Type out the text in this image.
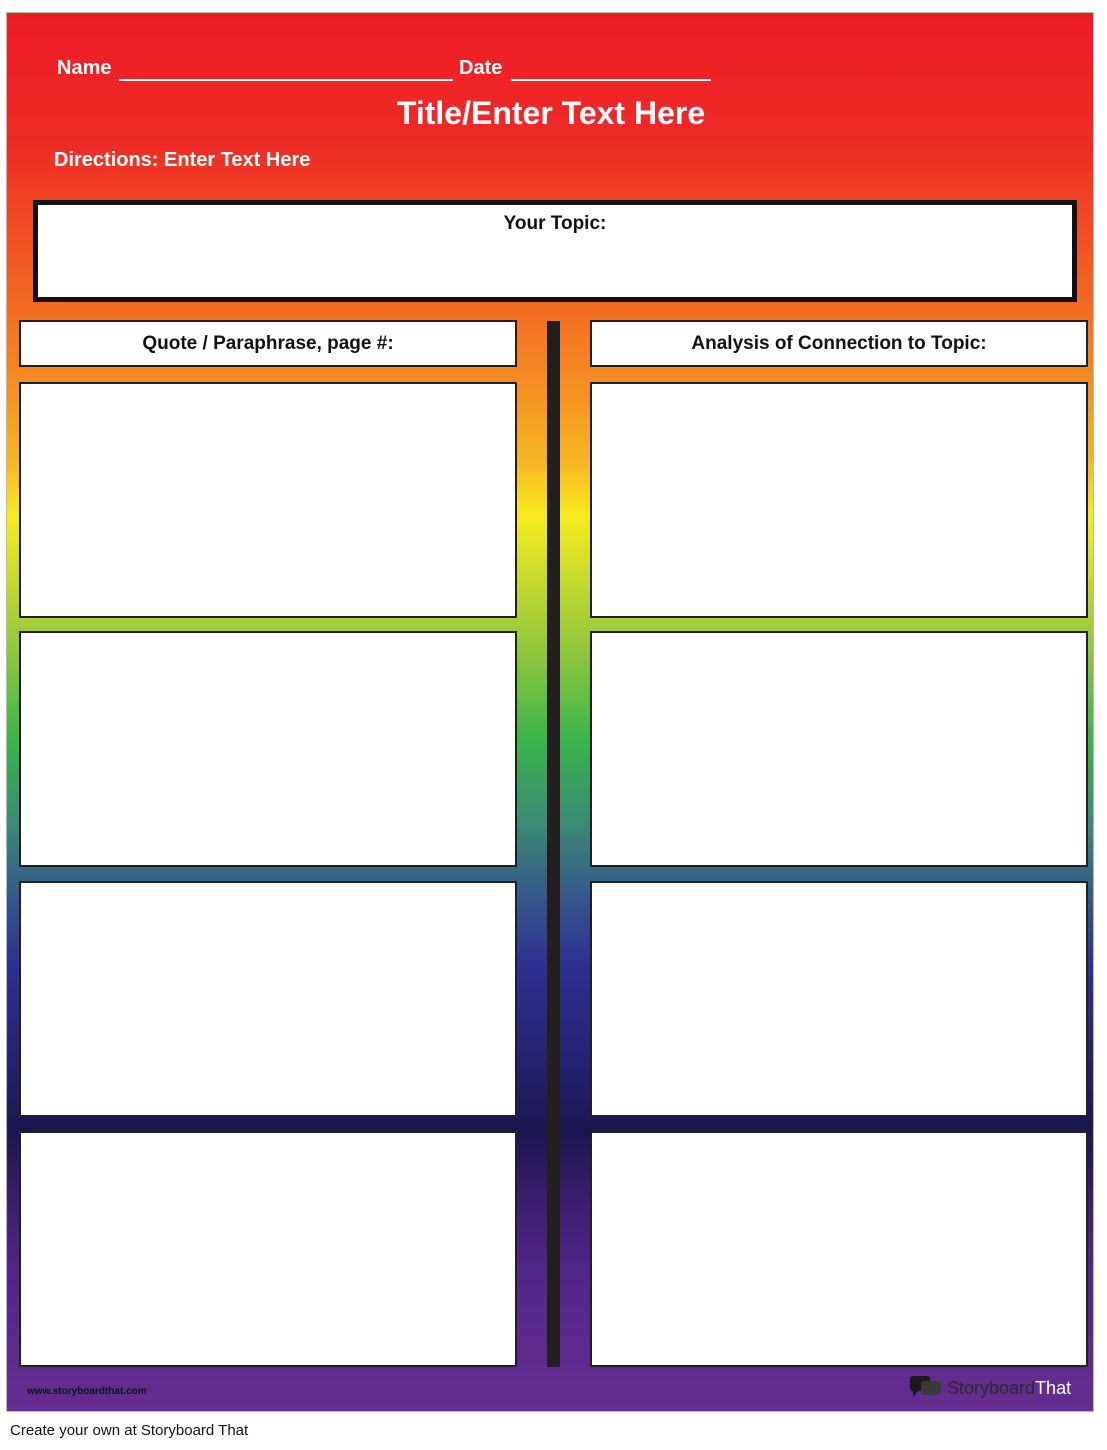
Name	Date
Title/Enter Text Here
Directions: Enter Text Here
Your Topic:
Quote / Paraphrase, page #:	Analysis of Connection to Topic:
www.storyboardthat.com	Storyboard That
Create your own at Storyboard That
